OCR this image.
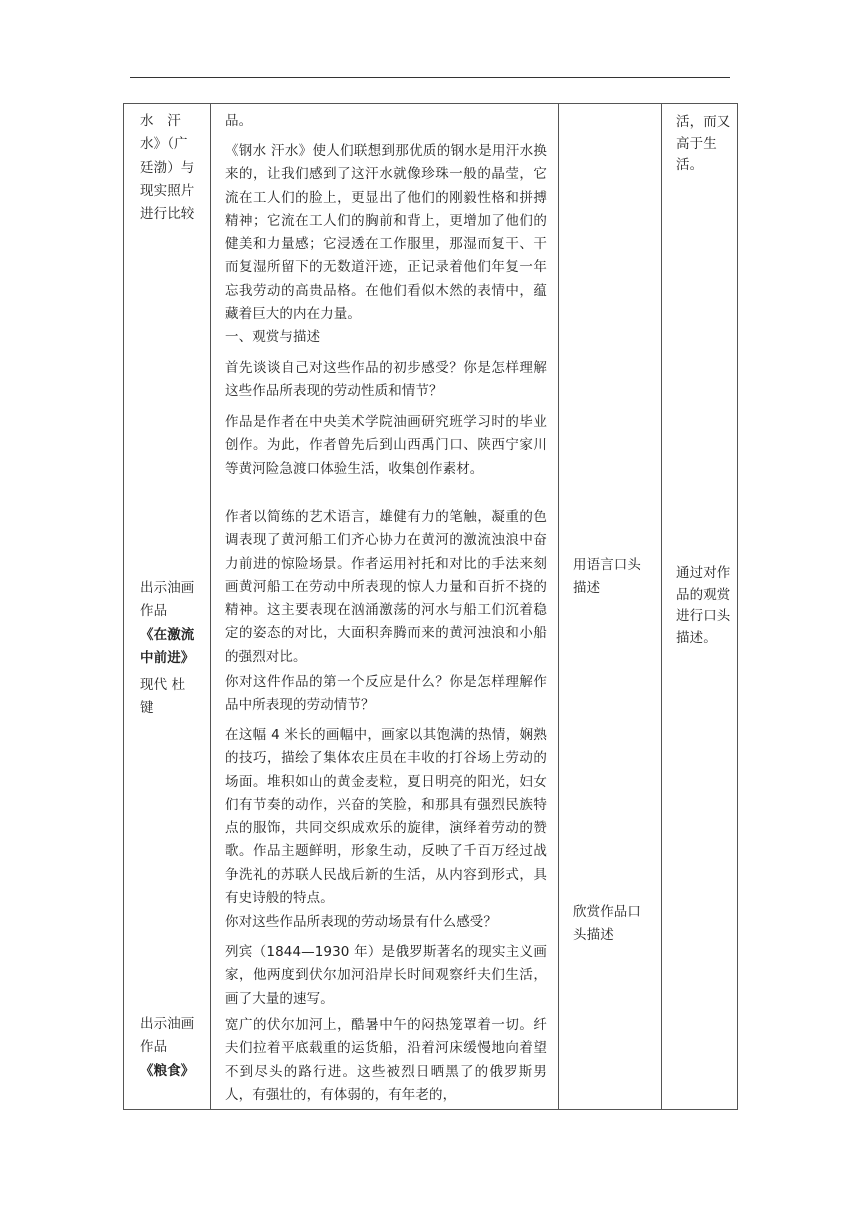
水　汗水》（广廷渤）与现实照片进行比较
出示油画作品
《在激流中前进》
现代 杜键
出示油画作品
《粮食》
品。
《钢水 汗水》使人们联想到那优质的钢水是用汗水换来的，让我们感到了这汗水就像珍珠一般的晶莹，它流在工人们的脸上，更显出了他们的刚毅性格和拼搏精神；它流在工人们的胸前和背上，更增加了他们的健美和力量感；它浸透在工作服里，那湿而复干、干而复湿所留下的无数道汗迹，正记录着他们年复一年忘我劳动的高贵品格。在他们看似木然的表情中，蕴藏着巨大的内在力量。
一、观赏与描述
首先谈谈自己对这些作品的初步感受？你是怎样理解这些作品所表现的劳动性质和情节？
作品是作者在中央美术学院油画研究班学习时的毕业创作。为此，作者曾先后到山西禹门口、陕西宁家川等黄河险急渡口体验生活，收集创作素材。
作者以简练的艺术语言，雄健有力的笔触，凝重的色调表现了黄河船工们齐心协力在黄河的激流浊浪中奋力前进的惊险场景。作者运用衬托和对比的手法来刻画黄河船工在劳动中所表现的惊人力量和百折不挠的精神。这主要表现在汹涌激荡的河水与船工们沉着稳定的姿态的对比，大面积奔腾而来的黄河浊浪和小船的强烈对比。
你对这件作品的第一个反应是什么？你是怎样理解作品中所表现的劳动情节？
在这幅 4 米长的画幅中，画家以其饱满的热情，娴熟的技巧，描绘了集体农庄员在丰收的打谷场上劳动的场面。堆积如山的黄金麦粒，夏日明亮的阳光，妇女们有节奏的动作，兴奋的笑脸，和那具有强烈民族特点的服饰，共同交织成欢乐的旋律，演绎着劳动的赞歌。作品主题鲜明，形象生动，反映了千百万经过战争洗礼的苏联人民战后新的生活，从内容到形式，具有史诗般的特点。
你对这些作品所表现的劳动场景有什么感受？
列宾（1844—1930 年）是俄罗斯著名的现实主义画家，他两度到伏尔加河沿岸长时间观察纤夫们生活，画了大量的速写。
宽广的伏尔加河上，酷暑中午的闷热笼罩着一切。纤夫们拉着平底载重的运货船，沿着河床缓慢地向着望不到尽头的路行进。这些被烈日晒黑了的俄罗斯男人，有强壮的，有体弱的，有年老的，
用语言口头描述
欣赏作品口头描述
活，而又高于生活。
通过对作品的观赏进行口头描述。
